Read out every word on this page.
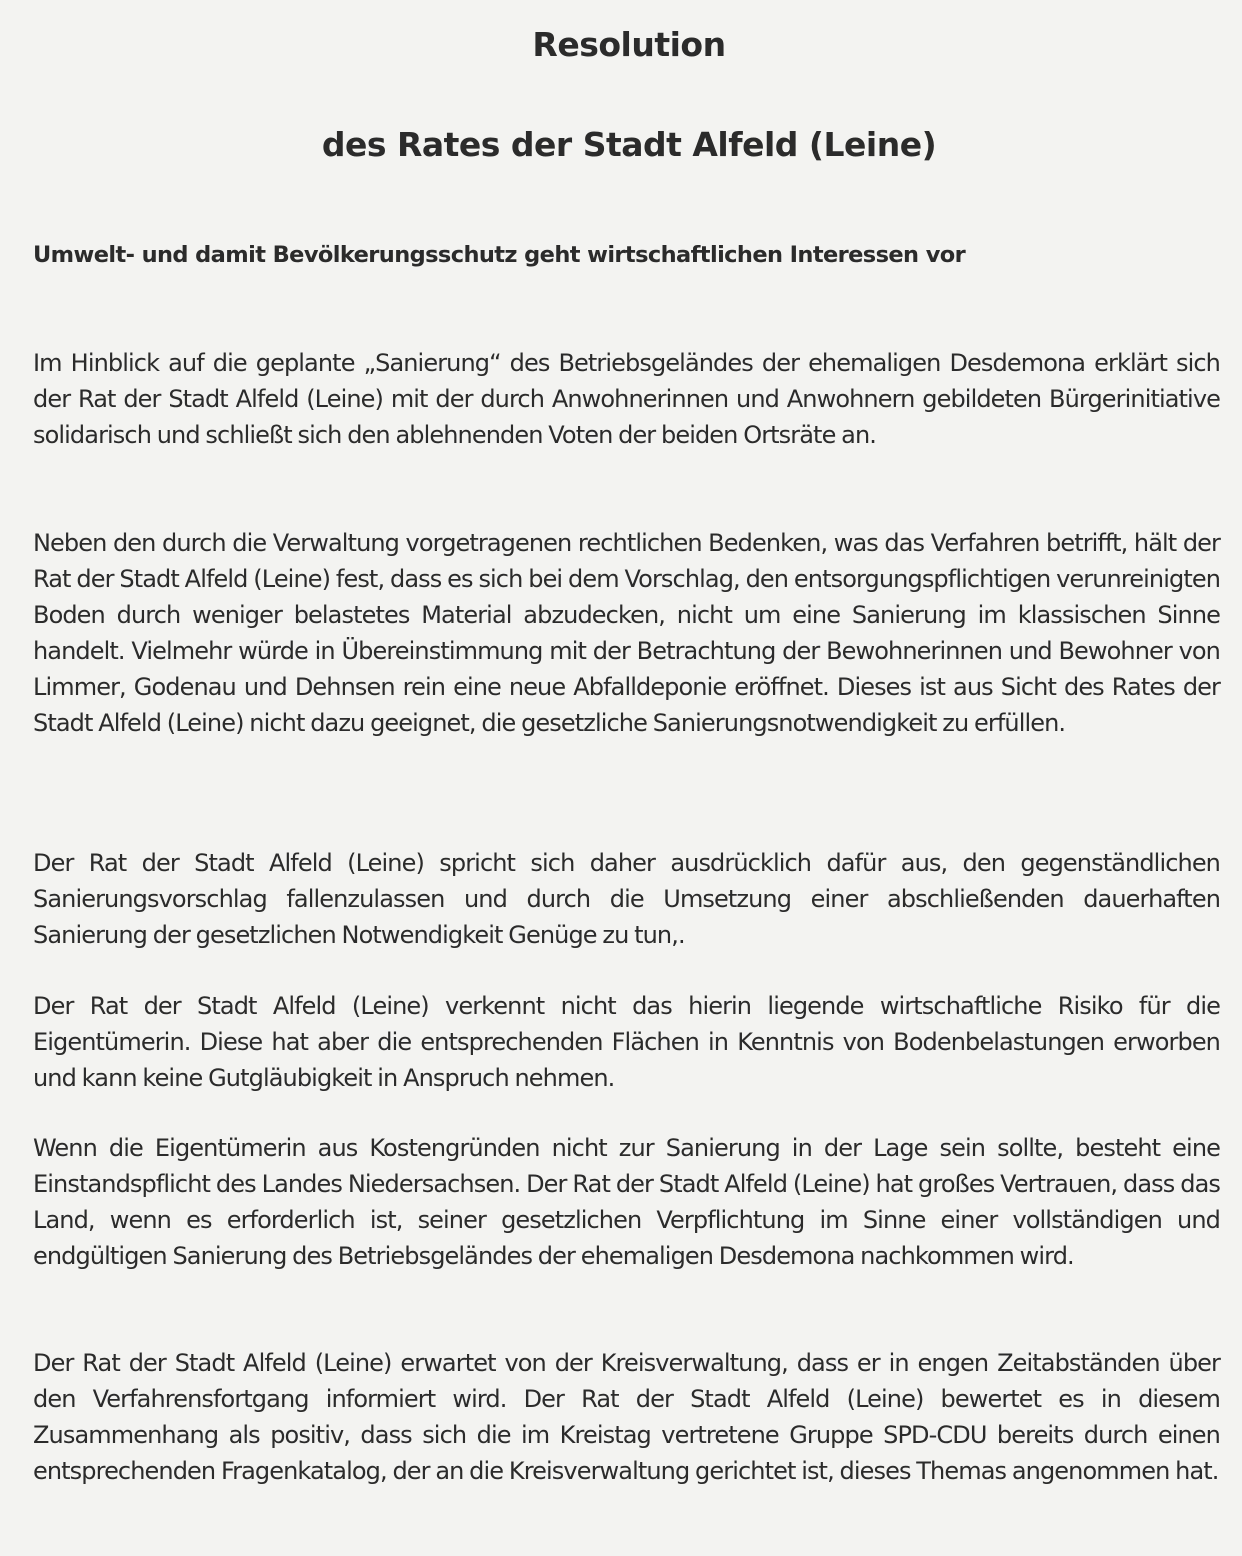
Resolution
des Rates der Stadt Alfeld (Leine)
Umwelt- und damit Bevölkerungsschutz geht wirtschaftlichen Interessen vor

Im Hinblick auf die geplante „Sanierung“ des Betriebsgeländes der ehemaligen Desdemona erklärt sich der Rat der Stadt Alfeld (Leine) mit der durch Anwohnerinnen und Anwohnern gebildeten Bürgerinitiative solidarisch und schließt sich den ablehnenden Voten der beiden Ortsräte an.

Neben den durch die Verwaltung vorgetragenen rechtlichen Bedenken, was das Verfahren betrifft, hält der Rat der Stadt Alfeld (Leine) fest, dass es sich bei dem Vorschlag, den entsorgungspflichtigen verunreinigten Boden durch weniger belastetes Material abzudecken, nicht um eine Sanierung im klassischen Sinne handelt. Vielmehr würde in Übereinstimmung mit der Betrachtung der Bewohnerinnen und Bewohner von Limmer, Godenau und Dehnsen rein eine neue Abfalldeponie eröffnet. Dieses ist aus Sicht des Rates der Stadt Alfeld (Leine) nicht dazu geeignet, die gesetzliche Sanierungsnotwendigkeit zu erfüllen.

Der Rat der Stadt Alfeld (Leine) spricht sich daher ausdrücklich dafür aus, den gegenständlichen Sanierungsvorschlag fallenzulassen und durch die Umsetzung einer abschließenden dauerhaften Sanierung der gesetzlichen Notwendigkeit Genüge zu tun,.

Der Rat der Stadt Alfeld (Leine) verkennt nicht das hierin liegende wirtschaftliche Risiko für die Eigentümerin. Diese hat aber die entsprechenden Flächen in Kenntnis von Bodenbelastungen erworben und kann keine Gutgläubigkeit in Anspruch nehmen.

Wenn die Eigentümerin aus Kostengründen nicht zur Sanierung in der Lage sein sollte, besteht eine Einstandspflicht des Landes Niedersachsen. Der Rat der Stadt Alfeld (Leine) hat großes Vertrauen, dass das Land, wenn es erforderlich ist, seiner gesetzlichen Verpflichtung im Sinne einer vollständigen und endgültigen Sanierung des Betriebsgeländes der ehemaligen Desdemona nachkommen wird.

Der Rat der Stadt Alfeld (Leine) erwartet von der Kreisverwaltung, dass er in engen Zeitabständen über den Verfahrensfortgang informiert wird. Der Rat der Stadt Alfeld (Leine) bewertet es in diesem Zusammenhang als positiv, dass sich die im Kreistag vertretene Gruppe SPD-CDU bereits durch einen entsprechenden Fragenkatalog, der an die Kreisverwaltung gerichtet ist, dieses Themas angenommen hat.
